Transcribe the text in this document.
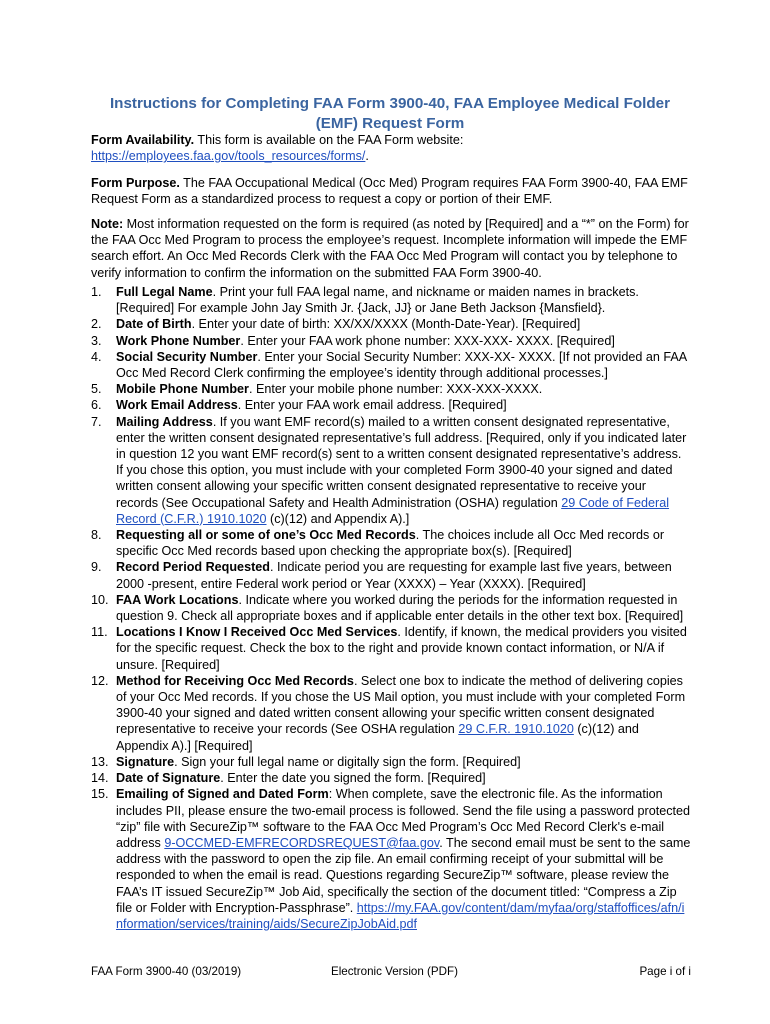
Instructions for Completing FAA Form 3900-40, FAA Employee Medical Folder
(EMF) Request Form
Form Availability. This form is available on the FAA Form website:
https://employees.faa.gov/tools_resources/forms/.
Form Purpose. The FAA Occupational Medical (Occ Med) Program requires FAA Form 3900-40, FAA EMF Request Form as a standardized process to request a copy or portion of their EMF.
Note: Most information requested on the form is required (as noted by [Required] and a “*” on the Form) for the FAA Occ Med Program to process the employee’s request. Incomplete information will impede the EMF search effort. An Occ Med Records Clerk with the FAA Occ Med Program will contact you by telephone to verify information to confirm the information on the submitted FAA Form 3900-40.
1.	Full Legal Name. Print your full FAA legal name, and nickname or maiden names in brackets. [Required] For example John Jay Smith Jr. {Jack, JJ} or Jane Beth Jackson {Mansfield}.
2.	Date of Birth. Enter your date of birth: XX/XX/XXXX (Month-Date-Year). [Required]
3.	Work Phone Number. Enter your FAA work phone number: XXX-XXX- XXXX. [Required]
4.	Social Security Number. Enter your Social Security Number: XXX-XX- XXXX. [If not provided an FAA Occ Med Record Clerk confirming the employee’s identity through additional processes.]
5.	Mobile Phone Number. Enter your mobile phone number: XXX-XXX-XXXX.
6.	Work Email Address. Enter your FAA work email address. [Required]
7.	Mailing Address. If you want EMF record(s) mailed to a written consent designated representative, enter the written consent designated representative’s full address. [Required, only if you indicated later in question 12 you want EMF record(s) sent to a written consent designated representative’s address. If you chose this option, you must include with your completed Form 3900-40 your signed and dated written consent allowing your specific written consent designated representative to receive your records (See Occupational Safety and Health Administration (OSHA) regulation 29 Code of Federal Record (C.F.R.) 1910.1020 (c)(12) and Appendix A).]
8.	Requesting all or some of one’s Occ Med Records. The choices include all Occ Med records or specific Occ Med records based upon checking the appropriate box(s). [Required]
9.	Record Period Requested. Indicate period you are requesting for example last five years, between 2000 -present, entire Federal work period or Year (XXXX) – Year (XXXX). [Required]
10. FAA Work Locations. Indicate where you worked during the periods for the information requested in question 9. Check all appropriate boxes and if applicable enter details in the other text box. [Required]
11. Locations I Know I Received Occ Med Services. Identify, if known, the medical providers you visited for the specific request. Check the box to the right and provide known contact information, or N/A if unsure. [Required]
12. Method for Receiving Occ Med Records. Select one box to indicate the method of delivering copies of your Occ Med records. If you chose the US Mail option, you must include with your completed Form 3900-40 your signed and dated written consent allowing your specific written consent designated representative to receive your records (See OSHA regulation 29 C.F.R. 1910.1020 (c)(12) and Appendix A).] [Required]
13. Signature. Sign your full legal name or digitally sign the form. [Required]
14. Date of Signature. Enter the date you signed the form. [Required]
15. Emailing of Signed and Dated Form: When complete, save the electronic file. As the information includes PII, please ensure the two-email process is followed. Send the file using a password protected “zip” file with SecureZip™ software to the FAA Occ Med Program’s Occ Med Record Clerk's e-mail address 9-OCCMED-EMFRECORDSREQUEST@faa.gov. The second email must be sent to the same address with the password to open the zip file. An email confirming receipt of your submittal will be responded to when the email is read. Questions regarding SecureZip™ software, please review the FAA’s IT issued SecureZip™ Job Aid, specifically the section of the document titled: “Compress a Zip file or Folder with Encryption-Passphrase”. https://my.FAA.gov/content/dam/myfaa/org/staffoffices/afn/information/services/training/aids/SecureZipJobAid.pdf
FAA Form 3900-40 (03/2019)	Electronic Version (PDF)	Page i of i
